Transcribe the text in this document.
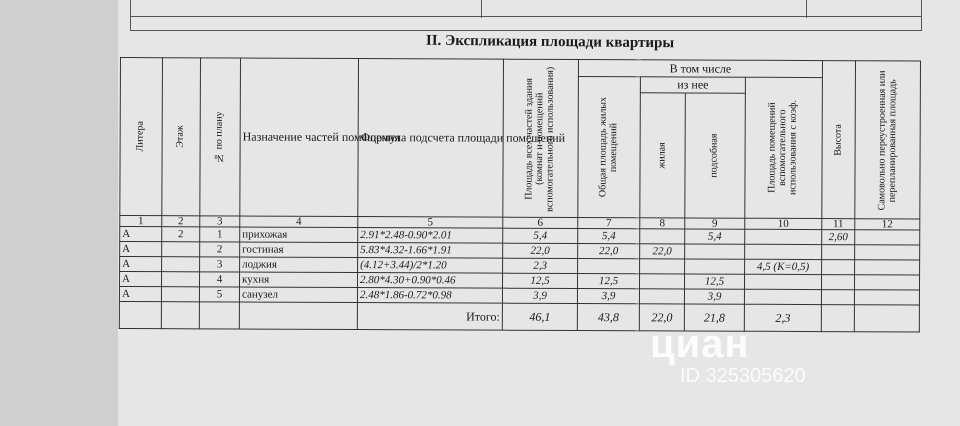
II. Экспликация площади квартиры
Литера	Этаж	№ по плану	Назначение частей помещения	Формула подсчета площади помещений	Площадь всех частей здания (комнат и помещений вспомогательного использования)	В том числе				Высота	Самовольно переустроенная или перепланированная площадь

						Общая площадь жилых помещений	из нее		Площадь помещений вспомогательного использования с коэф.		

							жилая	подсобная			

1	2	3	4	5	6	7	8	9	10	11	12
А	2	1	прихожая	2.91*2.48-0.90*2.01	5,4	5,4		5,4		2,60	
А		2	гостиная	5.83*4.32-1.66*1.91	22,0	22,0	22,0				
А		3	лоджия	(4.12+3.44)/2*1.20	2,3				4,5 (К=0,5)		
А		4	кухня	2.80*4.30+0.90*0.46	12,5	12,5		12,5			
А		5	санузел	2.48*1.86-0.72*0.98	3,9	3,9		3,9			
				Итого:	46,1	43,8	22,0	21,8	2,3		
циан
ID 325305620
